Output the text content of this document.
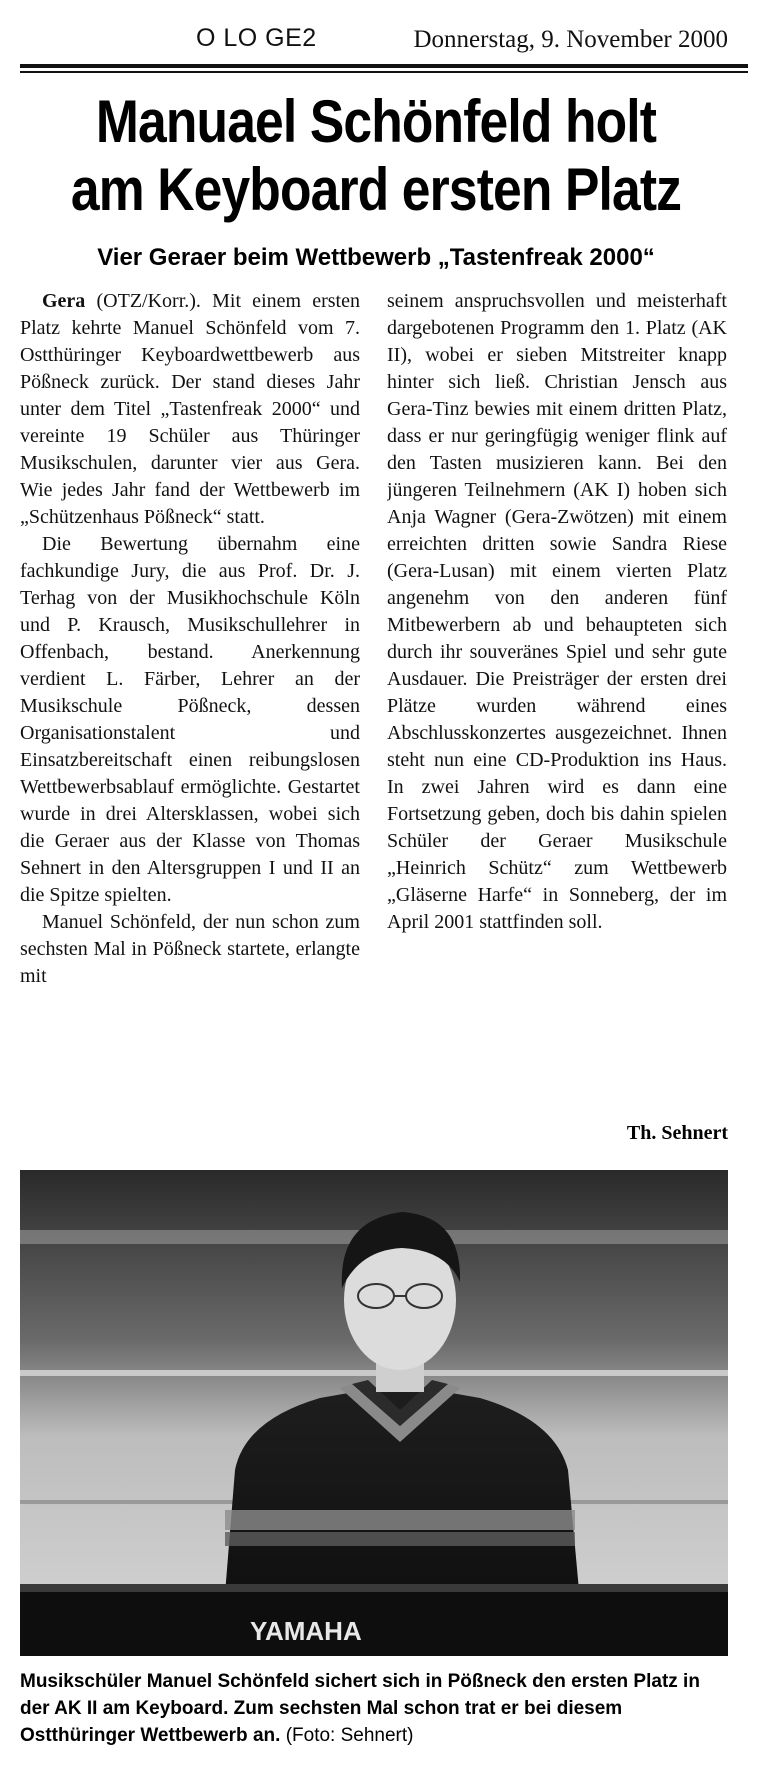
O LO GE2	Donnerstag, 9. November 2000
Manuael Schönfeld holt am Keyboard ersten Platz
Vier Geraer beim Wettbewerb „Tastenfreak 2000“

Gera (OTZ/Korr.). Mit einem ersten Platz kehrte Manuel Schönfeld vom 7. Ostthüringer Keyboardwettbewerb aus Pößneck zurück. Der stand dieses Jahr unter dem Titel „Tastenfreak 2000“ und vereinte 19 Schüler aus Thüringer Musikschulen, darunter vier aus Gera. Wie jedes Jahr fand der Wettbewerb im „Schützenhaus Pößneck“ statt.

Die Bewertung übernahm eine fachkundige Jury, die aus Prof. Dr. J. Terhag von der Musikhochschule Köln und P. Krausch, Musikschullehrer in Offenbach, bestand. Anerkennung verdient L. Färber, Lehrer an der Musikschule Pößneck, dessen Organisationstalent und Einsatzbereitschaft einen reibungslosen Wettbewerbsablauf ermöglichte. Gestartet wurde in drei Altersklassen, wobei sich die Geraer aus der Klasse von Thomas Sehnert in den Altersgruppen I und II an die Spitze spielten.

Manuel Schönfeld, der nun schon zum sechsten Mal in Pößneck startete, erlangte mit

seinem anspruchsvollen und meisterhaft dargebotenen Programm den 1. Platz (AK II), wobei er sieben Mitstreiter knapp hinter sich ließ. Christian Jensch aus Gera-Tinz bewies mit einem dritten Platz, dass er nur geringfügig weniger flink auf den Tasten musizieren kann. Bei den jüngeren Teilnehmern (AK I) hoben sich Anja Wagner (Gera-Zwötzen) mit einem erreichten dritten sowie Sandra Riese (Gera-Lusan) mit einem vierten Platz angenehm von den anderen fünf Mitbewerbern ab und behaupteten sich durch ihr souveränes Spiel und sehr gute Ausdauer. Die Preisträger der ersten drei Plätze wurden während eines Abschlusskonzertes ausgezeichnet. Ihnen steht nun eine CD-Produktion ins Haus. In zwei Jahren wird es dann eine Fortsetzung geben, doch bis dahin spielen Schüler der Geraer Musikschule „Heinrich Schütz“ zum Wettbewerb „Gläserne Harfe“ in Sonneberg, der im April 2001 stattfinden soll.

Th. Sehnert
YAMAHA
Musikschüler Manuel Schönfeld sichert sich in Pößneck den ersten Platz in der AK II am Keyboard. Zum sechsten Mal schon trat er bei diesem Ostthüringer Wettbewerb an. (Foto: Sehnert)
